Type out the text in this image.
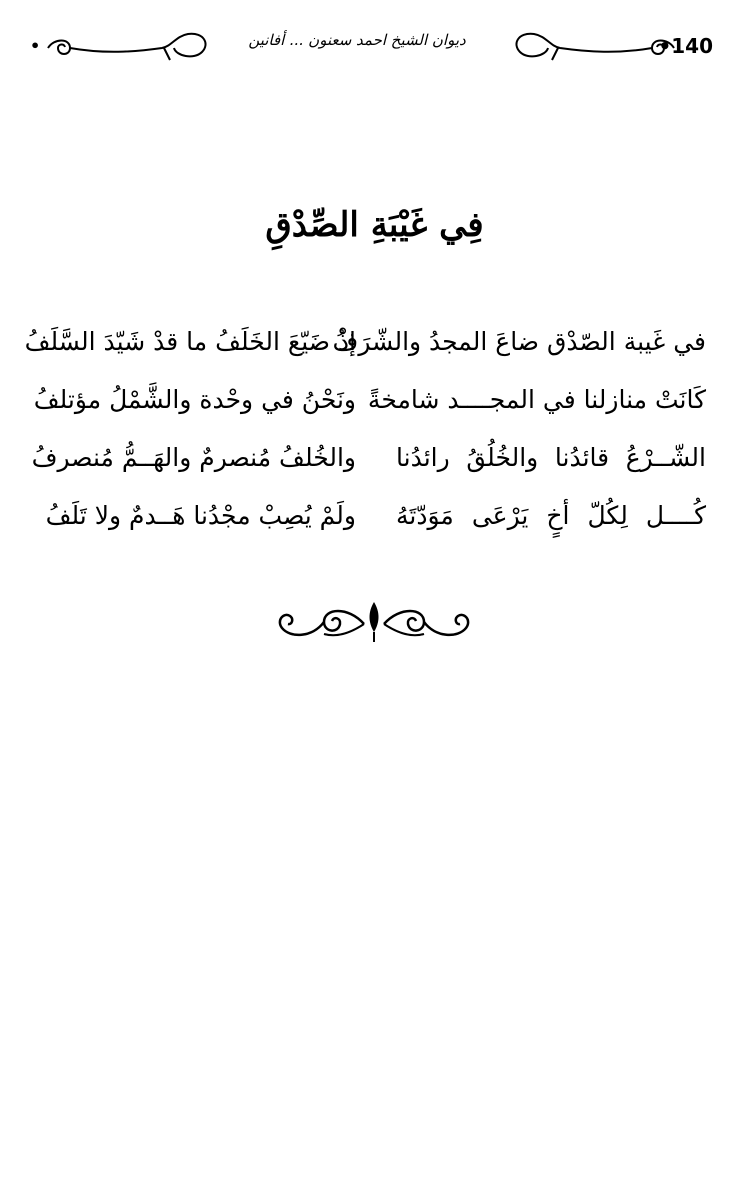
•	ديوان الشيخ احمد سعنون ... أفانين	•140
فِي غَيْبَةِ الصِّدْقِ
في غَيبة الصّدْق ضاعَ المجدُ والشّرَفُ
إذْ ضَيّعَ الخَلَفُ ما قدْ شَيّدَ السَّلَفُ
كَانَتْ منازلنا في المجــــد شامخةً
ونَحْنُ في وحْدة والشَّمْلُ مؤتلفُ
الشّــرْعُ قائدُنا والخُلُقُ رائدُنا
والخُلفُ مُنصرمٌ والهَــمُّ مُنصرفُ
كُــــل لِكُلّ أخٍ يَرْعَى مَوَدّتَهُ
ولَمْ يُصِبْ مجْدُنا هَــدمٌ ولا تَلَفُ
